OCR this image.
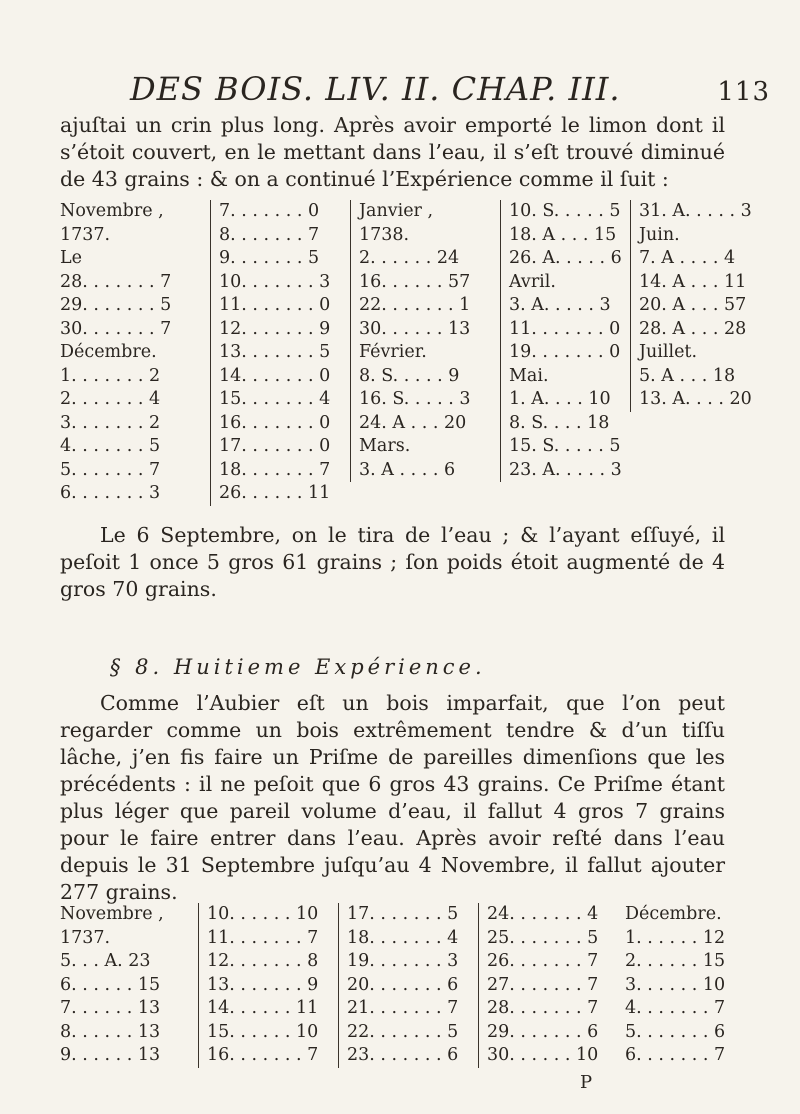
DES BOIS. LIV. II. CHAP. III.	113

ajuſtai un crin plus long. Après avoir emporté le limon dont il s’étoit couvert, en le mettant dans l’eau, il s’eſt trouvé diminué de 43 grains : & on a continué l’Expérience comme il ſuit :

Novembre ,
1737.
Le
28. . . . . . . 7
29. . . . . . . 5
30. . . . . . . 7
Décembre.
1. . . . . . . 2
2. . . . . . . 4
3. . . . . . . 2
4. . . . . . . 5
5. . . . . . . 7
6. . . . . . . 3
7. . . . . . . 0
8. . . . . . . 7
9. . . . . . . 5
10. . . . . . . 3
11. . . . . . . 0
12. . . . . . . 9
13. . . . . . . 5
14. . . . . . . 0
15. . . . . . . 4
16. . . . . . . 0
17. . . . . . . 0
18. . . . . . . 7
26. . . . . . 11
Janvier ,
1738.
2. . . . . . 24
16. . . . . . 57
22. . . . . . . 1
30. . . . . . 13
Février.
8. S. . . . . 9
16. S. . . . . 3
24. A . . . 20
Mars.
3. A . . . . 6
10. S. . . . . 5
18. A . . . 15
26. A. . . . . 6
Avril.
3. A. . . . . 3
11. . . . . . . 0
19. . . . . . . 0
Mai.
1. A. . . . 10
8. S. . . . 18
15. S. . . . . 5
23. A. . . . . 3
31. A. . . . . 3
Juin.
7. A . . . . 4
14. A . . . 11
20. A . . . 57
28. A . . . 28
Juillet.
5. A . . . 18
13. A. . . . 20

Le 6 Septembre, on le tira de l’eau ; & l’ayant eſſuyé, il peſoit 1 once 5 gros 61 grains ; ſon poids étoit augmenté de 4 gros 70 grains.

§ 8. Huitieme Expérience.

Comme l’Aubier eſt un bois imparfait, que l’on peut regarder comme un bois extrêmement tendre & d’un tiſſu lâche, j’en fis faire un Priſme de pareilles dimenſions que les précédents : il ne peſoit que 6 gros 43 grains. Ce Priſme étant plus léger que pareil volume d’eau, il fallut 4 gros 7 grains pour le faire entrer dans l’eau. Après avoir reſté dans l’eau depuis le 31 Septembre juſqu’au 4 Novembre, il fallut ajouter 277 grains.

Novembre ,
1737.
5. . . A. 23
6. . . . . . 15
7. . . . . . 13
8. . . . . . 13
9. . . . . . 13
10. . . . . . 10
11. . . . . . . 7
12. . . . . . . 8
13. . . . . . . 9
14. . . . . . 11
15. . . . . . 10
16. . . . . . . 7
17. . . . . . . 5
18. . . . . . . 4
19. . . . . . . 3
20. . . . . . . 6
21. . . . . . . 7
22. . . . . . . 5
23. . . . . . . 6
24. . . . . . . 4
25. . . . . . . 5
26. . . . . . . 7
27. . . . . . . 7
28. . . . . . . 7
29. . . . . . . 6
30. . . . . . 10
Décembre.
1. . . . . . 12
2. . . . . . 15
3. . . . . . 10
4. . . . . . . 7
5. . . . . . . 6
6. . . . . . . 7
P
